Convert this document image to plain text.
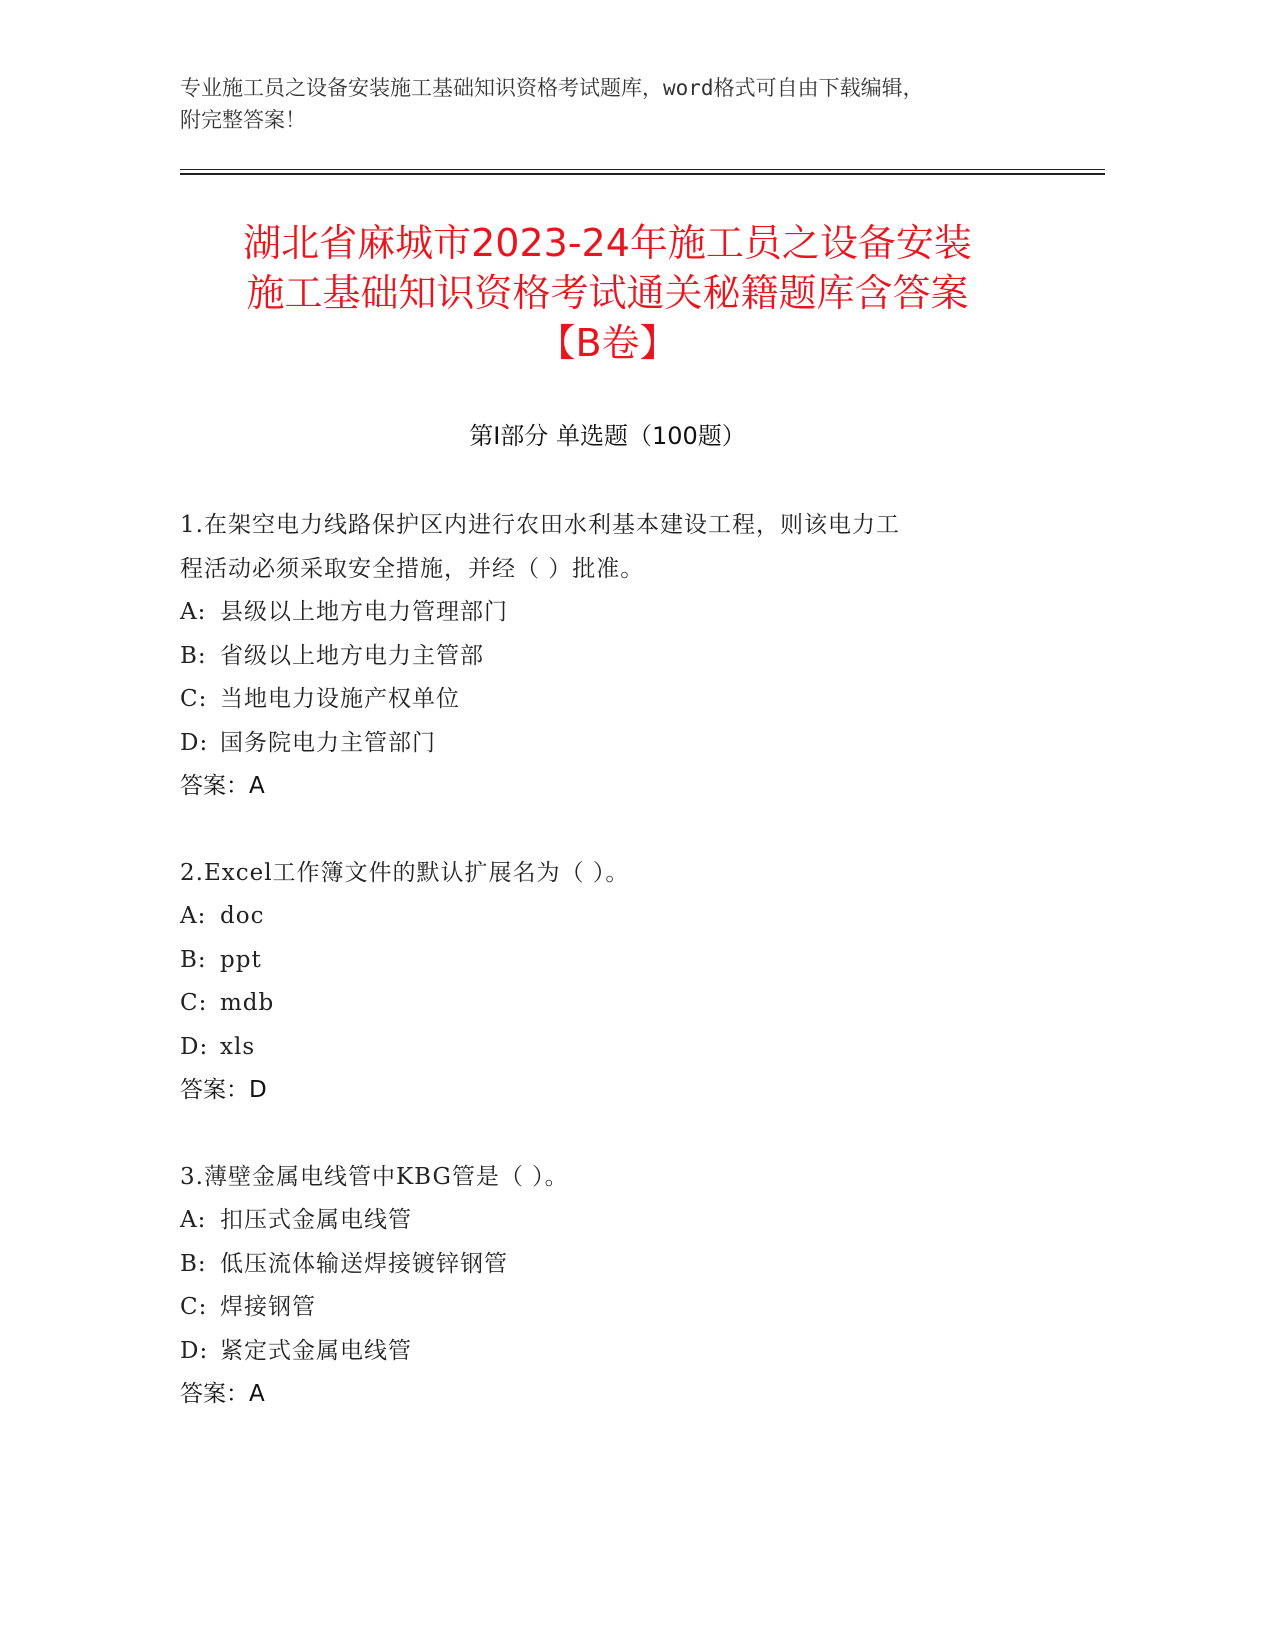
专业施工员之设备安装施工基础知识资格考试题库，word格式可自由下载编辑，
附完整答案！
湖北省麻城市2023-24年施工员之设备安装
施工基础知识资格考试通关秘籍题库含答案
【B卷】
第Ⅰ部分 单选题（100题）
1.在架空电力线路保护区内进行农田水利基本建设工程，则该电力工
程活动必须采取安全措施，并经（ ）批准。
A: 县级以上地方电力管理部门
B: 省级以上地方电力主管部
C: 当地电力设施产权单位
D: 国务院电力主管部门
答案：A
2.Excel工作簿文件的默认扩展名为（ ）。
A: doc
B: ppt
C: mdb
D: xls
答案：D
3.薄壁金属电线管中KBG管是（ ）。
A: 扣压式金属电线管
B: 低压流体输送焊接镀锌钢管
C: 焊接钢管
D: 紧定式金属电线管
答案：A
